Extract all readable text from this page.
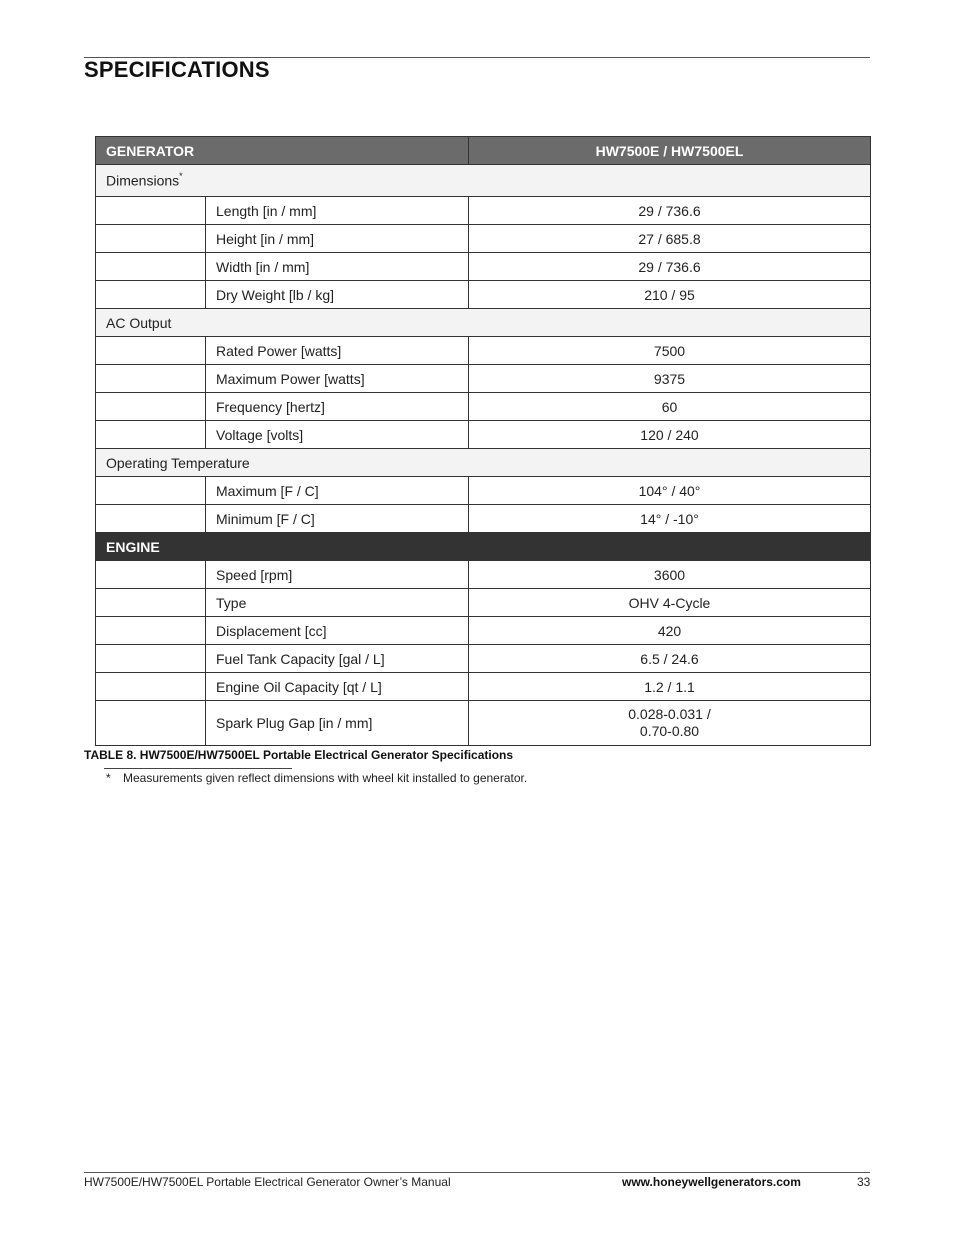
SPECIFICATIONS
GENERATOR		HW7500E / HW7500EL
Dimensions*
	Length [in / mm]	29 / 736.6
	Height [in / mm]	27 / 685.8
	Width [in / mm]	29 / 736.6
	Dry Weight [lb / kg]	210 / 95
AC Output		
	Rated Power [watts]	7500
	Maximum Power [watts]	9375
	Frequency [hertz]	60
	Voltage [volts]	120 / 240
Operating Temperature		
	Maximum [F / C]	104° / 40°
	Minimum [F / C]	14° / -10°
ENGINE		
	Speed [rpm]	3600
	Type	OHV 4-Cycle
	Displacement [cc]	420
	Fuel Tank Capacity [gal / L]	6.5 / 24.6
	Engine Oil Capacity [qt / L]	1.2 / 1.1
	Spark Plug Gap [in / mm]	0.028-0.031 /
0.70-0.80
TABLE 8. HW7500E/HW7500EL Portable Electrical Generator Specifications
* Measurements given reflect dimensions with wheel kit installed to generator.
HW7500E/HW7500EL Portable Electrical Generator Owner’s Manual	www.honeywellgenerators.com	33
